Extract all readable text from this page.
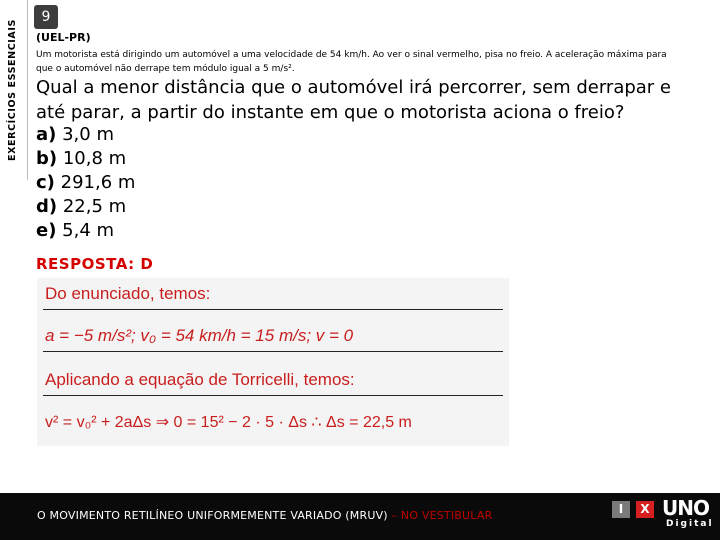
EXERCÍCIOS ESSENCIAIS
9
(UEL-PR)
Um motorista está dirigindo um automóvel a uma velocidade de 54 km/h. Ao ver o sinal vermelho, pisa no freio. A aceleração máxima para que o automóvel não derrape tem módulo igual a 5 m/s².
Qual a menor distância que o automóvel irá percorrer, sem derrapar e até parar, a partir do instante em que o motorista aciona o freio?
a) 3,0 m
b) 10,8 m
c) 291,6 m
d) 22,5 m
e) 5,4 m
RESPOSTA: D
Do enunciado, temos:
a = −5 m/s²; v₀ = 54 km/h = 15 m/s; v = 0
Aplicando a equação de Torricelli, temos:
v² = v₀² + 2aΔs ⇒ 0 = 15² − 2 · 5 · Δs ∴ Δs = 22,5 m
O MOVIMENTO RETILÍNEO UNIFORMEMENTE VARIADO (MRUV) – NO VESTIBULAR	I	X UNO
Digital
